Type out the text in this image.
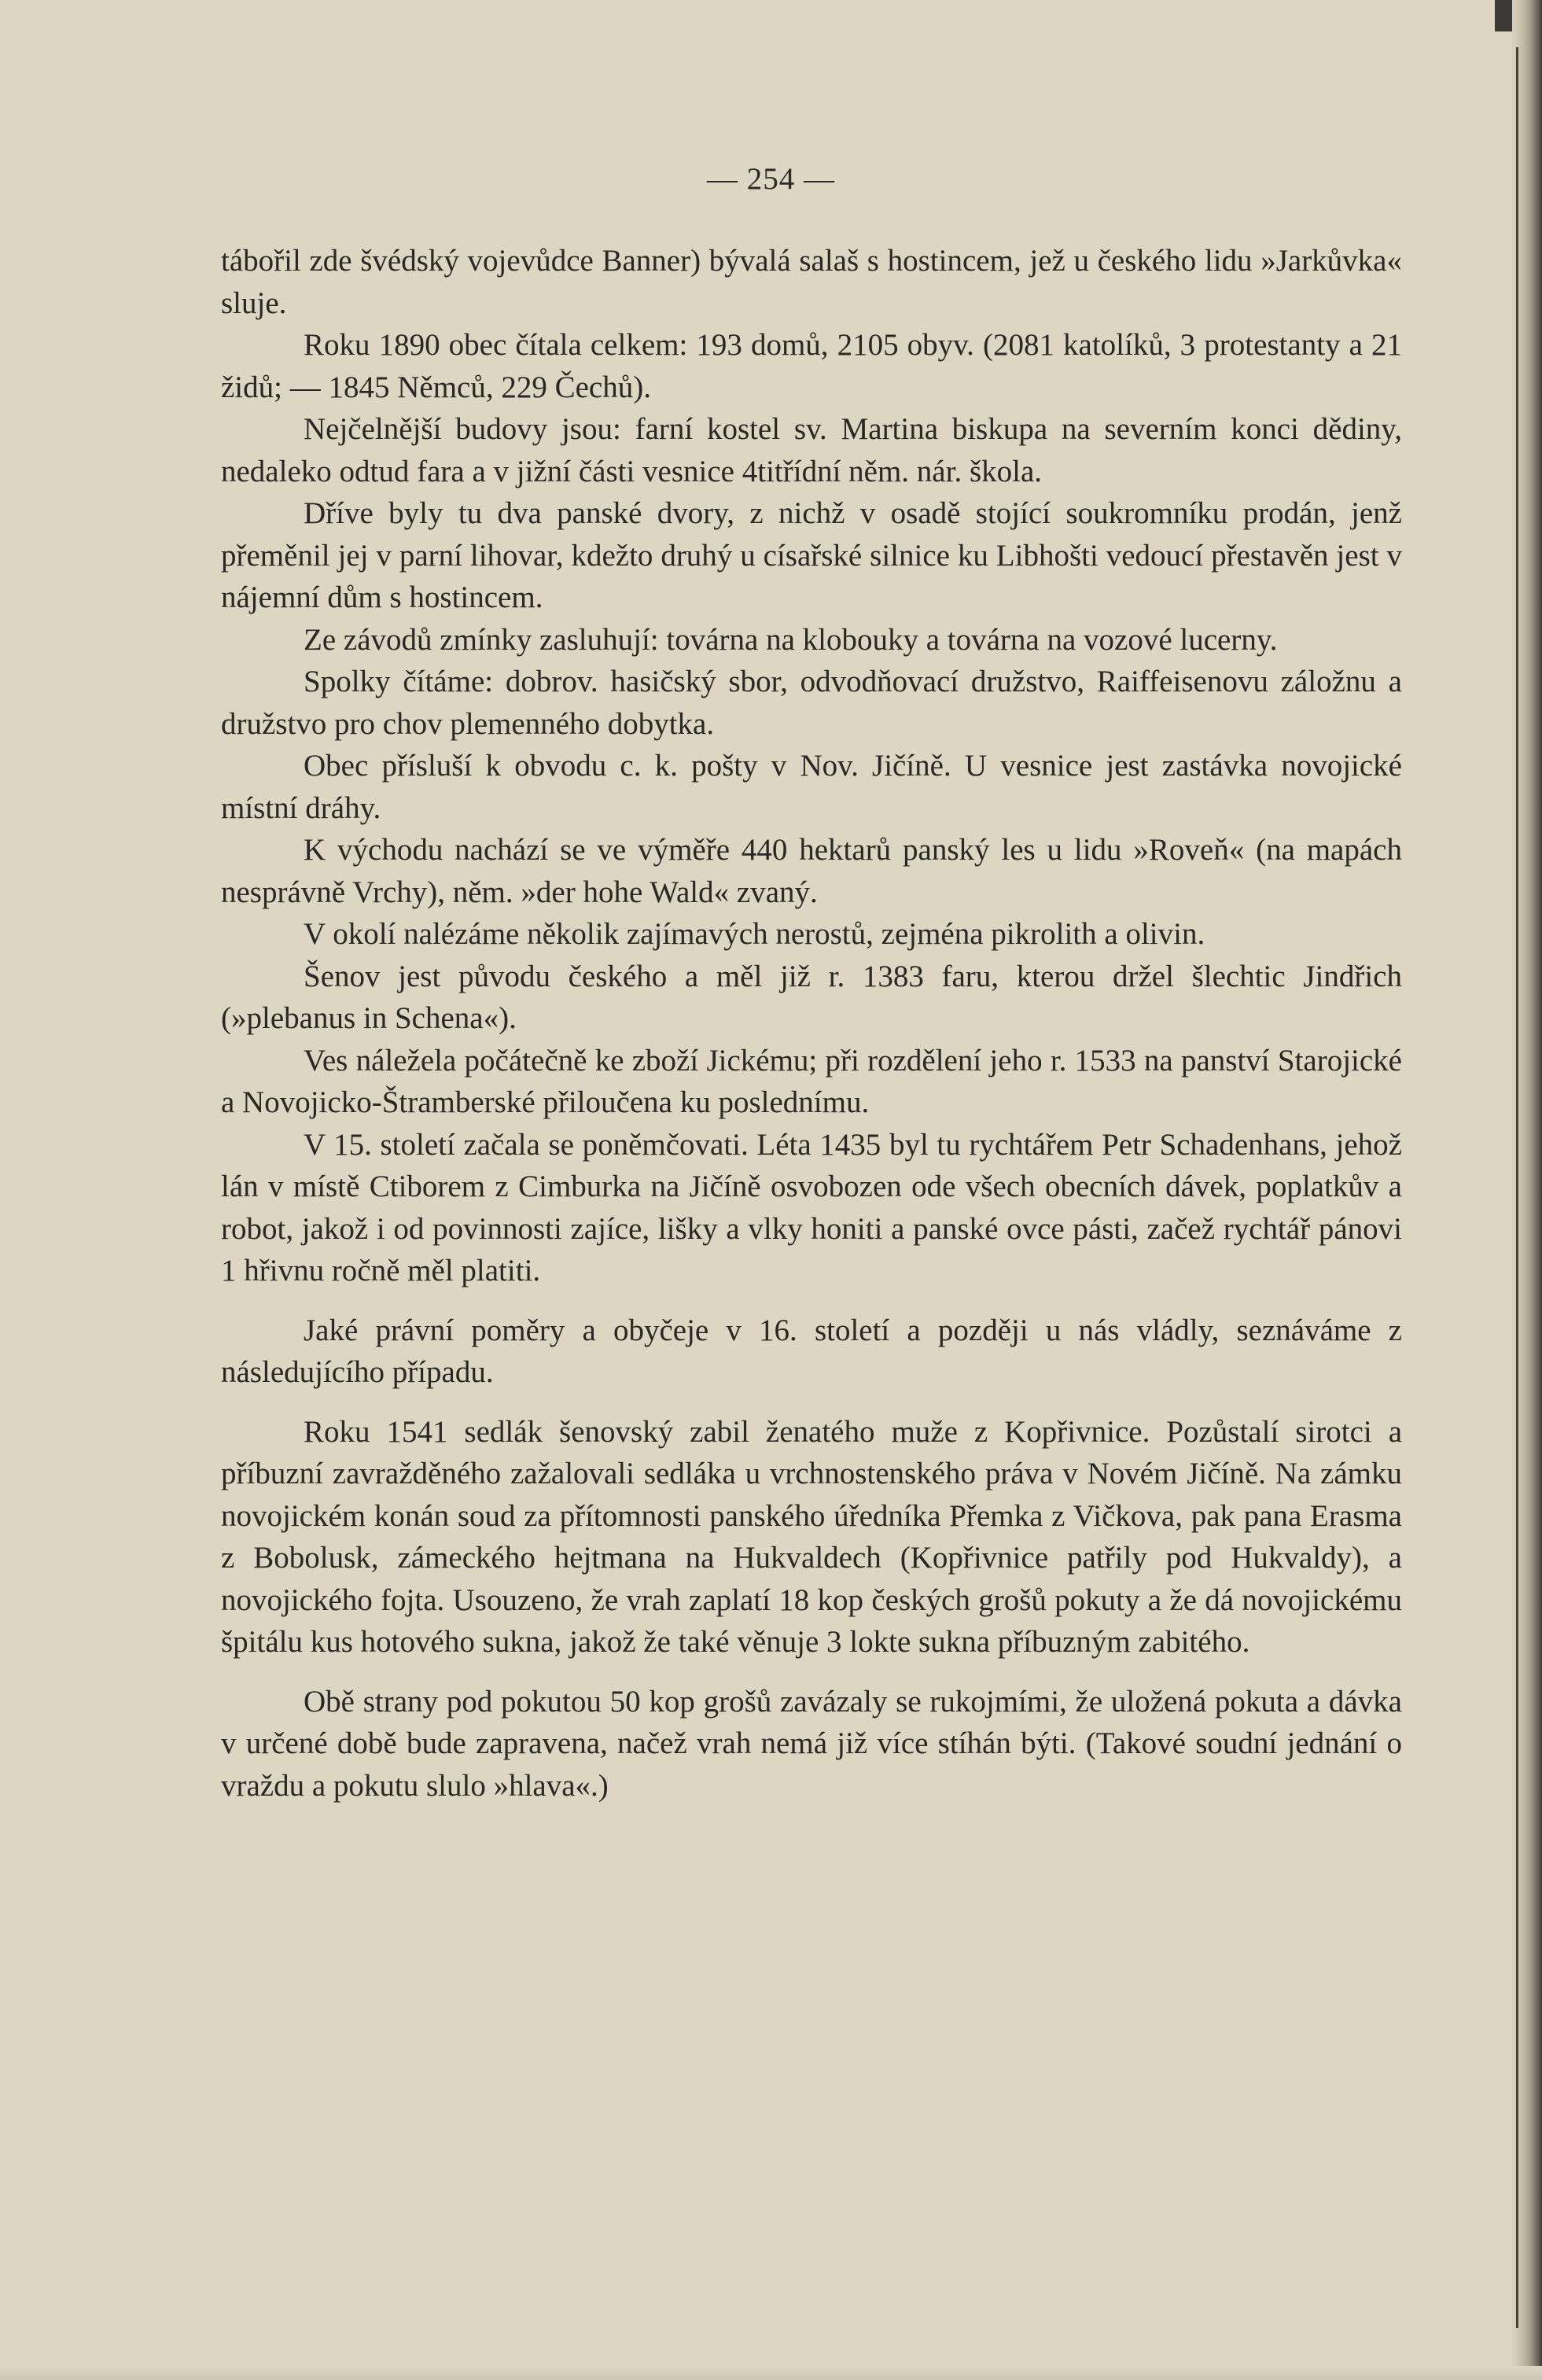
— 254 —

tábořil zde švédský vojevůdce Banner) bývalá salaš s hostincem, jež u českého lidu »Jarkůvka« sluje.

Roku 1890 obec čítala celkem: 193 domů, 2105 obyv. (2081 katolíků, 3 protestanty a 21 židů; — 1845 Němců, 229 Čechů).

Nejčelnější budovy jsou: farní kostel sv. Martina biskupa na severním konci dědiny, nedaleko odtud fara a v jižní části vesnice 4titřídní něm. nár. škola.

Dříve byly tu dva panské dvory, z nichž v osadě stojící soukromníku prodán, jenž přeměnil jej v parní lihovar, kdežto druhý u císařské silnice ku Libhošti vedoucí přestavěn jest v nájemní dům s hostincem.

Ze závodů zmínky zasluhují: továrna na klobouky a továrna na vozové lucerny.

Spolky čítáme: dobrov. hasičský sbor, odvodňovací družstvo, Raiffeisenovu záložnu a družstvo pro chov plemenného dobytka.

Obec přísluší k obvodu c. k. pošty v Nov. Jičíně. U vesnice jest zastávka novojické místní dráhy.

K východu nachází se ve výměře 440 hektarů panský les u lidu »Roveň« (na mapách nesprávně Vrchy), něm. »der hohe Wald« zvaný.

V okolí nalézáme několik zajímavých nerostů, zejména pikrolith a olivin.

Šenov jest původu českého a měl již r. 1383 faru, kterou držel šlechtic Jindřich (»plebanus in Schena«).

Ves náležela počátečně ke zboží Jickému; při rozdělení jeho r. 1533 na panství Starojické a Novojicko-Štramberské přiloučena ku poslednímu.

V 15. století začala se poněmčovati. Léta 1435 byl tu rychtářem Petr Schadenhans, jehož lán v místě Ctiborem z Cimburka na Jičíně osvobozen ode všech obecních dávek, poplatkův a robot, jakož i od povinnosti zajíce, lišky a vlky honiti a panské ovce pásti, začež rychtář pánovi 1 hřivnu ročně měl platiti.

Jaké právní poměry a obyčeje v 16. století a později u nás vládly, seznáváme z následujícího případu.

Roku 1541 sedlák šenovský zabil ženatého muže z Kopřivnice. Pozůstalí sirotci a příbuzní zavražděného zažalovali sedláka u vrchnostenského práva v Novém Jičíně. Na zámku novojickém konán soud za přítomnosti panského úředníka Přemka z Vičkova, pak pana Erasma z Bobolusk, zámeckého hejtmana na Hukvaldech (Kopřivnice patřily pod Hukvaldy), a novojického fojta. Usouzeno, že vrah zaplatí 18 kop českých grošů pokuty a že dá novojickému špitálu kus hotového sukna, jakož že také věnuje 3 lokte sukna příbuzným zabitého.

Obě strany pod pokutou 50 kop grošů zavázaly se rukojmími, že uložená pokuta a dávka v určené době bude zapravena, načež vrah nemá již více stíhán býti. (Takové soudní jednání o vraždu a pokutu slulo »hlava«.)
